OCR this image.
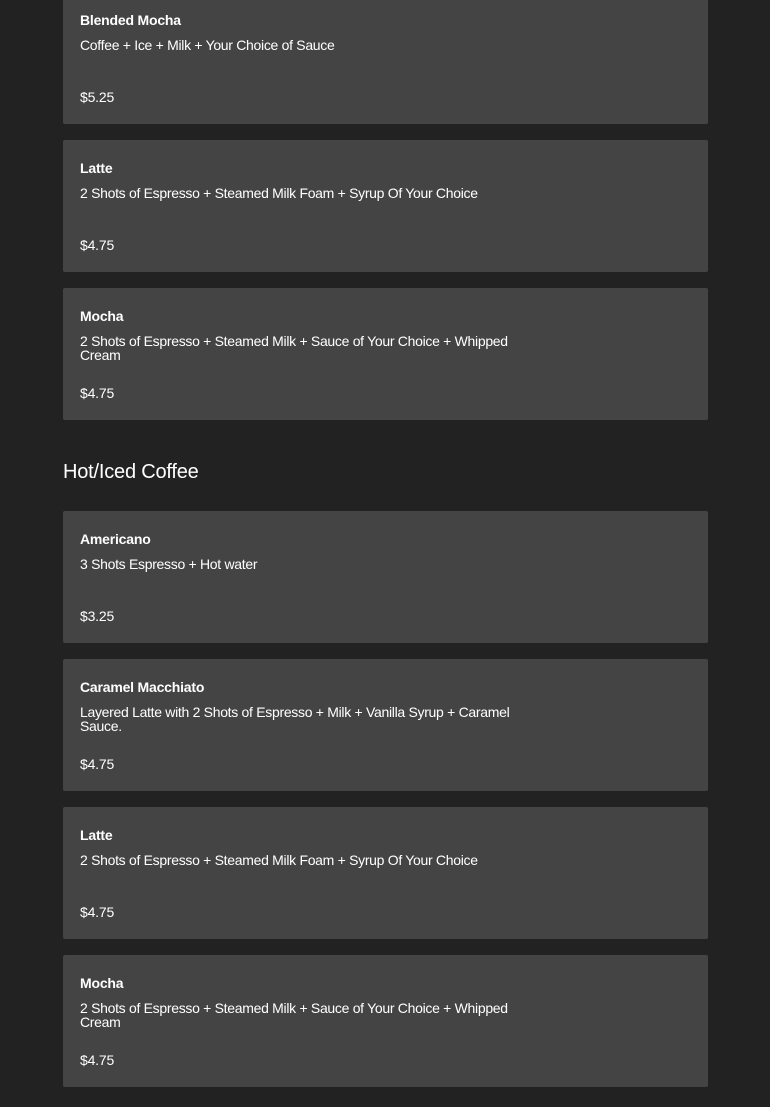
Blended Mocha
Coffee + Ice + Milk + Your Choice of Sauce
$5.25
Latte
2 Shots of Espresso + Steamed Milk Foam + Syrup Of Your Choice
$4.75
Mocha
2 Shots of Espresso + Steamed Milk + Sauce of Your Choice + Whipped Cream
$4.75
Hot/Iced Coffee
Americano
3 Shots Espresso + Hot water
$3.25
Caramel Macchiato
Layered Latte with 2 Shots of Espresso + Milk + Vanilla Syrup + Caramel Sauce.
$4.75
Latte
2 Shots of Espresso + Steamed Milk Foam + Syrup Of Your Choice
$4.75
Mocha
2 Shots of Espresso + Steamed Milk + Sauce of Your Choice + Whipped Cream
$4.75
